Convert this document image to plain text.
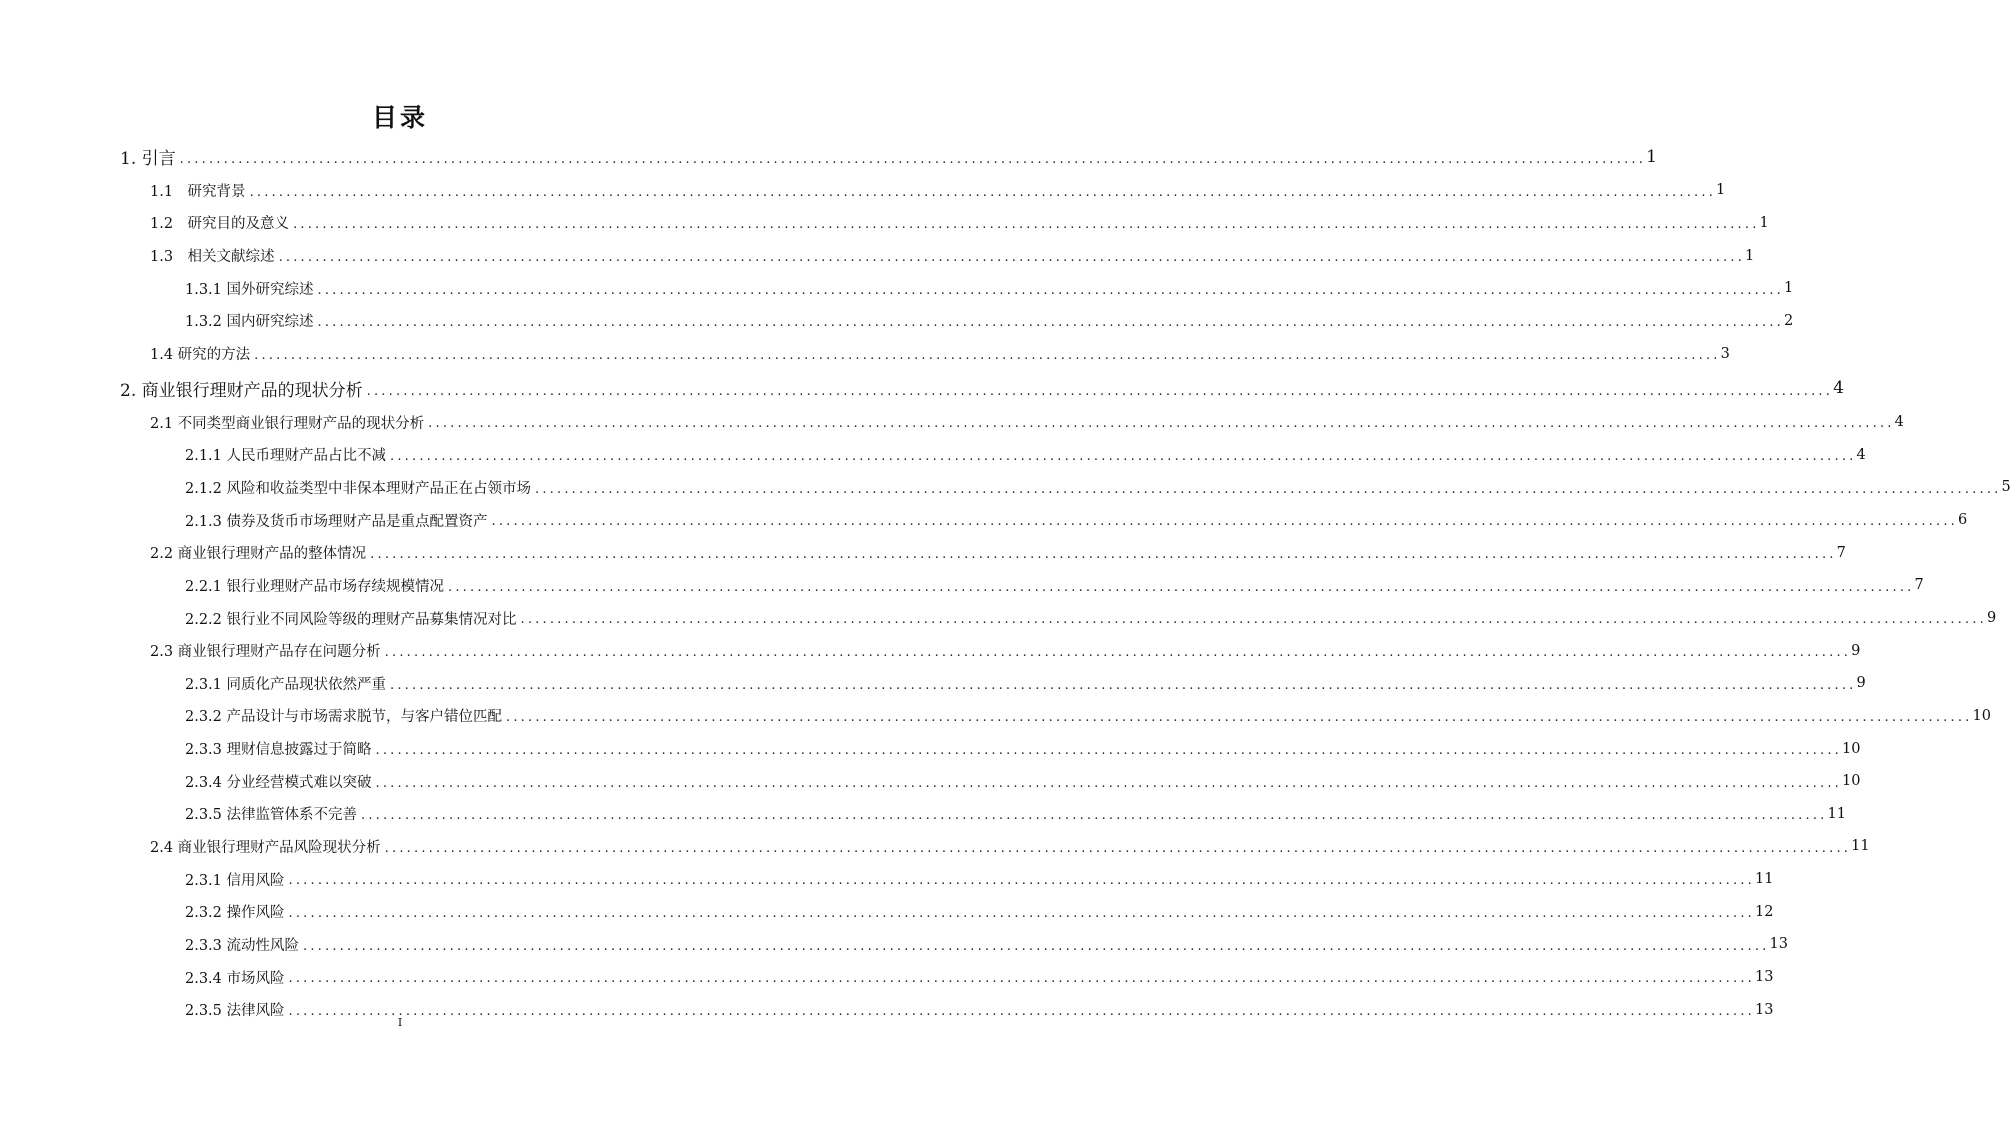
目录
1. 引言 ........................................................................................................................................................................................................ 1
1.1　研究背景 ........................................................................................................................................................................................................ 1
1.2　研究目的及意义 ........................................................................................................................................................................................................ 1
1.3　相关文献综述 ........................................................................................................................................................................................................ 1
1.3.1 国外研究综述 ........................................................................................................................................................................................................ 1
1.3.2 国内研究综述 ........................................................................................................................................................................................................ 2
1.4 研究的方法 ........................................................................................................................................................................................................ 3
2. 商业银行理财产品的现状分析 ........................................................................................................................................................................................................ 4
2.1 不同类型商业银行理财产品的现状分析 ........................................................................................................................................................................................................ 4
2.1.1 人民币理财产品占比不减 ........................................................................................................................................................................................................ 4
2.1.2 风险和收益类型中非保本理财产品正在占领市场 ........................................................................................................................................................................................................ 5
2.1.3 债券及货币市场理财产品是重点配置资产 ........................................................................................................................................................................................................ 6
2.2 商业银行理财产品的整体情况 ........................................................................................................................................................................................................ 7
2.2.1 银行业理财产品市场存续规模情况 ........................................................................................................................................................................................................ 7
2.2.2 银行业不同风险等级的理财产品募集情况对比 ........................................................................................................................................................................................................ 9
2.3 商业银行理财产品存在问题分析 ........................................................................................................................................................................................................ 9
2.3.1 同质化产品现状依然严重 ........................................................................................................................................................................................................ 9
2.3.2 产品设计与市场需求脱节，与客户错位匹配 ........................................................................................................................................................................................................ 10
2.3.3 理财信息披露过于简略 ........................................................................................................................................................................................................ 10
2.3.4 分业经营模式难以突破 ........................................................................................................................................................................................................ 10
2.3.5 法律监管体系不完善 ........................................................................................................................................................................................................ 11
2.4 商业银行理财产品风险现状分析 ........................................................................................................................................................................................................ 11
2.3.1 信用风险 ........................................................................................................................................................................................................ 11
2.3.2 操作风险 ........................................................................................................................................................................................................ 12
2.3.3 流动性风险 ........................................................................................................................................................................................................ 13
2.3.4 市场风险 ........................................................................................................................................................................................................ 13
2.3.5 法律风险 ........................................................................................................................................................................................................ 13
I
